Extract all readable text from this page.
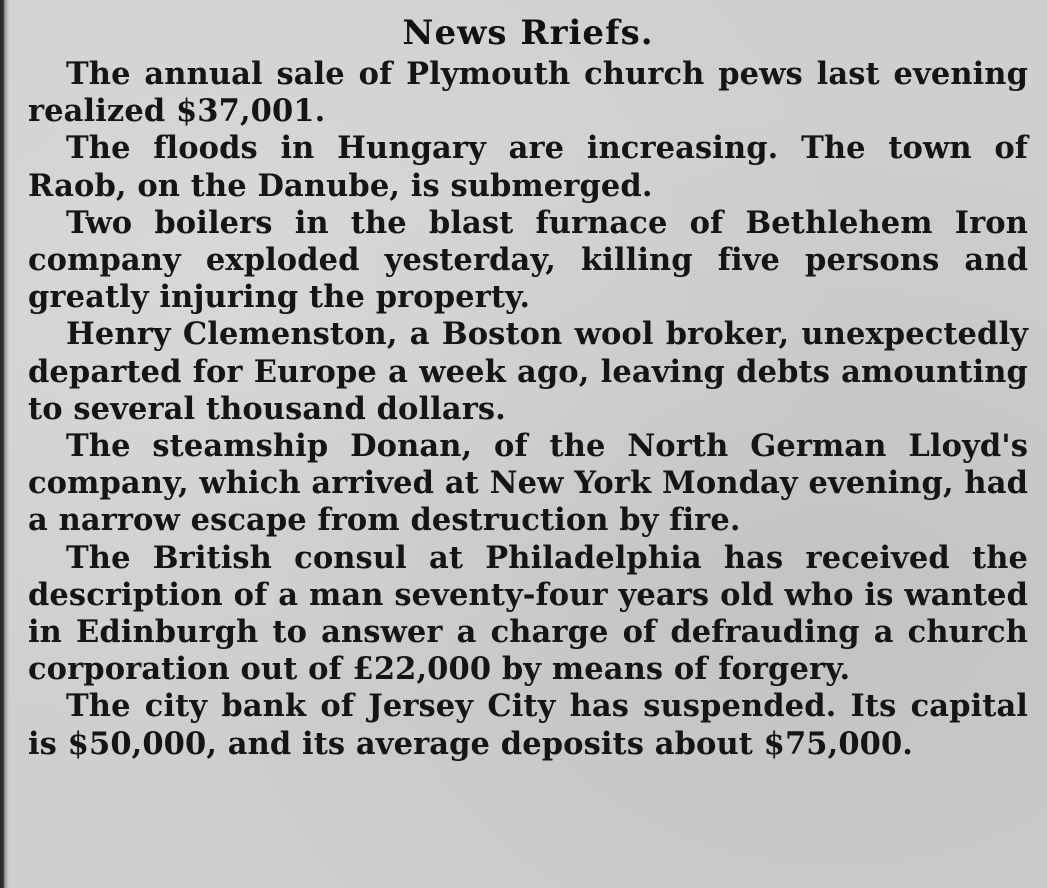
News Rriefs.

The annual sale of Plymouth church pews last evening realized $37,001.

The floods in Hungary are increasing. The town of Raob, on the Danube, is submerged.

Two boilers in the blast furnace of Bethlehem Iron company exploded yesterday, killing five persons and greatly injuring the property.

Henry Clemenston, a Boston wool broker, unexpectedly departed for Europe a week ago, leaving debts amounting to several thousand dollars.

The steamship Donan, of the North German Lloyd's company, which arrived at New York Monday evening, had a narrow escape from destruction by fire.

The British consul at Philadelphia has received the description of a man seventy-four years old who is wanted in Edinburgh to answer a charge of defrauding a church corporation out of £22,000 by means of forgery.

The city bank of Jersey City has suspended. Its capital is $50,000, and its average deposits about $75,000.
